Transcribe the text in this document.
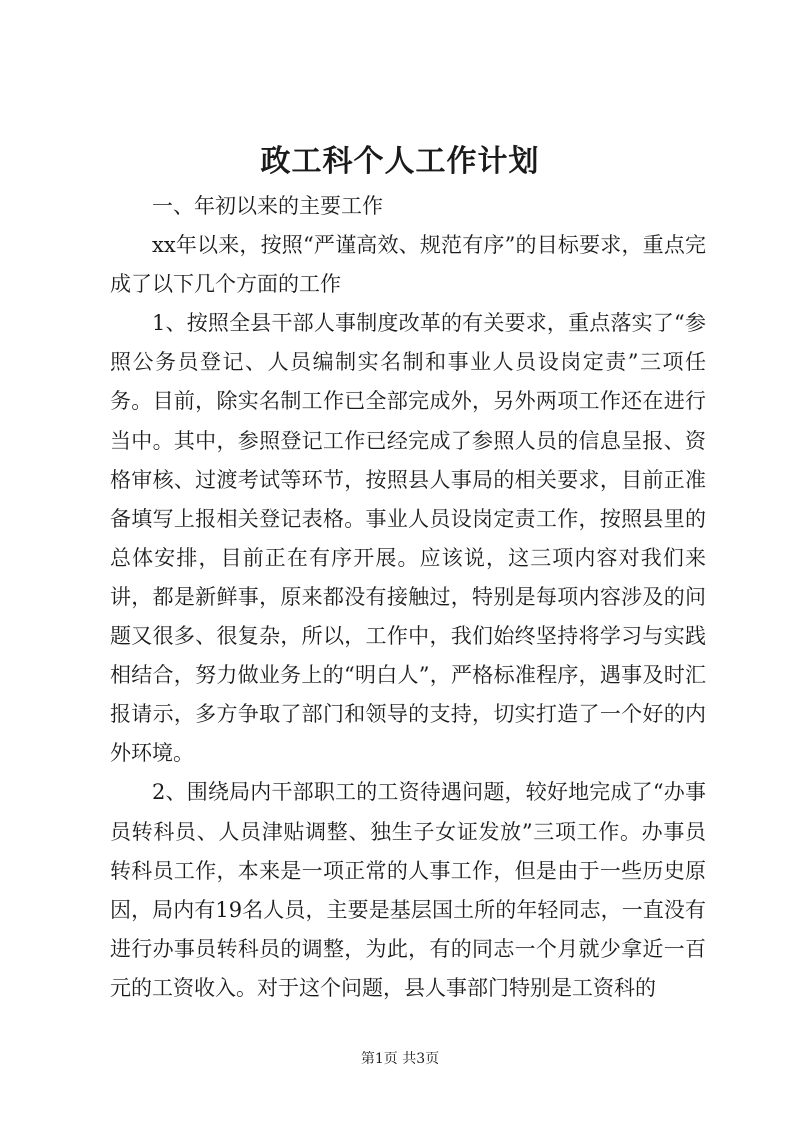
政工科个人工作计划

一、年初以来的主要工作

xx年以来，按照“严谨高效、规范有序”的目标要求，重点完成了以下几个方面的工作

1、按照全县干部人事制度改革的有关要求，重点落实了“参照公务员登记、人员编制实名制和事业人员设岗定责”三项任务。目前，除实名制工作已全部完成外，另外两项工作还在进行当中。其中，参照登记工作已经完成了参照人员的信息呈报、资格审核、过渡考试等环节，按照县人事局的相关要求，目前正准备填写上报相关登记表格。事业人员设岗定责工作，按照县里的总体安排，目前正在有序开展。应该说，这三项内容对我们来讲，都是新鲜事，原来都没有接触过，特别是每项内容涉及的问题又很多、很复杂，所以，工作中，我们始终坚持将学习与实践相结合，努力做业务上的“明白人”，严格标准程序，遇事及时汇报请示，多方争取了部门和领导的支持，切实打造了一个好的内外环境。

2、围绕局内干部职工的工资待遇问题，较好地完成了“办事员转科员、人员津贴调整、独生子女证发放”三项工作。办事员转科员工作，本来是一项正常的人事工作，但是由于一些历史原因，局内有19名人员，主要是基层国土所的年轻同志，一直没有进行办事员转科员的调整，为此，有的同志一个月就少拿近一百元的工资收入。对于这个问题，县人事部门特别是工资科的

第1页 共3页
